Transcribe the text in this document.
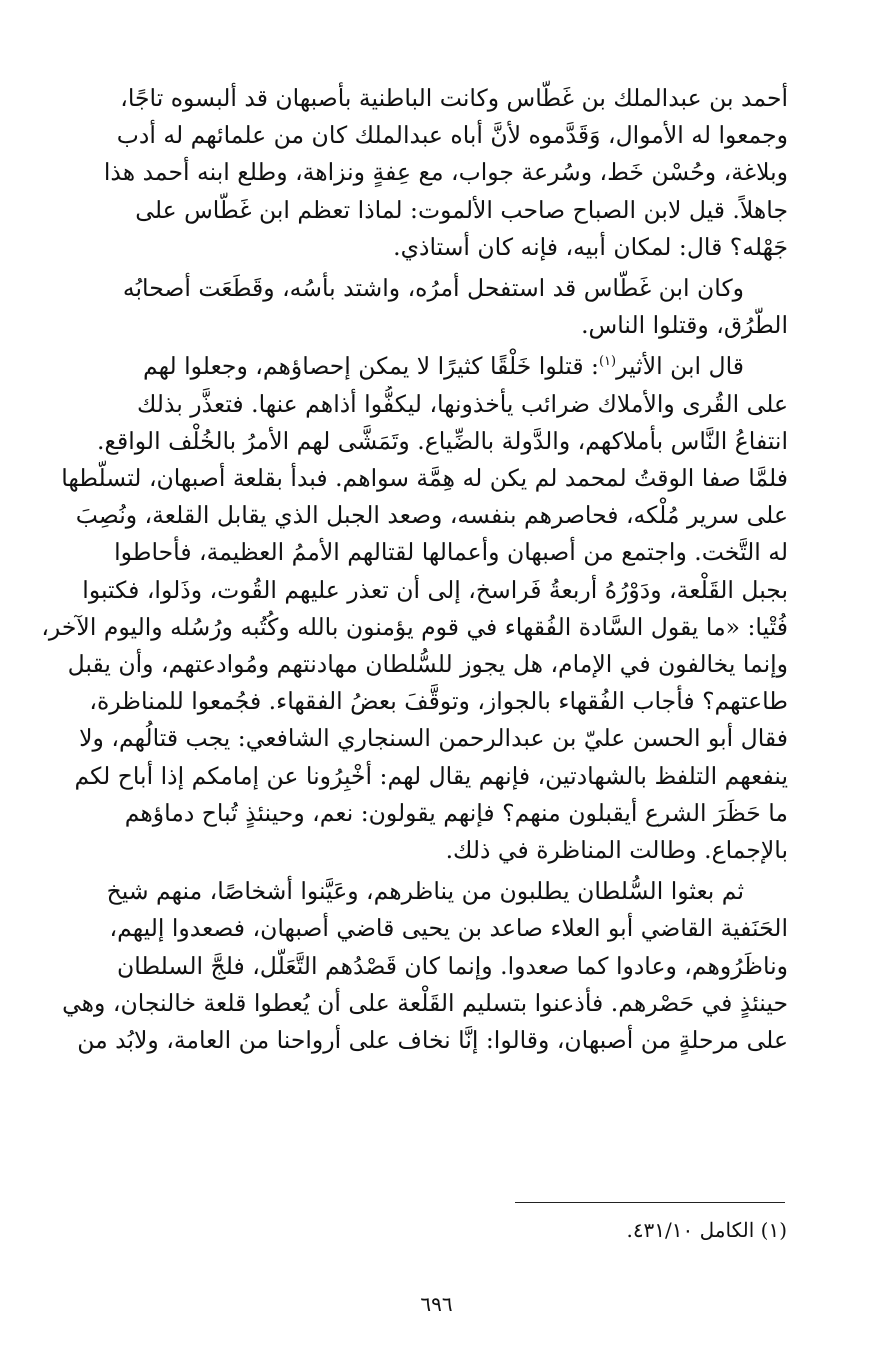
أحمد بن عبدالملك بن غَطَّاس وكانت الباطنية بأصبهان قد ألبسوه تاجًا،
وجمعوا له الأموال، وَقَدَّموه لأنَّ أباه عبدالملك كان من علمائهم له أدب
وبلاغة، وحُسْن خَط، وسُرعة جواب، مع عِفةٍ ونزاهة، وطلع ابنه أحمد هذا
جاهلاً. قيل لابن الصباح صاحب الألموت: لماذا تعظم ابن غَطَّاس على
جَهْله؟ قال: لمكان أبيه، فإنه كان أستاذي.
وكان ابن غَطَّاس قد استفحل أمرُه، واشتد بأسُه، وقَطَعَت أصحابُه
الطُّرُق، وقتلوا الناس.
قال ابن الأثير$^{(١)}$: قتلوا خَلْقًا كثيرًا لا يمكن إحصاؤهم، وجعلوا لهم
على القُرى والأملاك ضرائب يأخذونها، ليكفُّوا أذاهم عنها. فتعذَّر بذلك
انتفاعُ النَّاس بأملاكهم، والدَّولة بالضِّياع. وتَمَشَّى لهم الأمرُ بالخُلْف الواقع.
فلمَّا صفا الوقتُ لمحمد لم يكن له هِمَّة سواهم. فبدأ بقلعة أصبهان، لتسلُّطها
على سرير مُلْكه، فحاصرهم بنفسه، وصعد الجبل الذي يقابل القلعة، ونُصِبَ
له التَّخت. واجتمع من أصبهان وأعمالها لقتالهم الأممُ العظيمة، فأحاطوا
بجبل القَلْعة، ودَوْرُهُ أربعةُ فَراسخ، إلى أن تعذر عليهم القُوت، وذَلوا، فكتبوا
فُتْيا: «ما يقول السَّادة الفُقهاء في قوم يؤمنون بالله وكُتُبه ورُسُله واليوم الآخر،
وإنما يخالفون في الإمام، هل يجوز للسُّلطان مهادنتهم ومُوادعتهم، وأن يقبل
طاعتهم؟ فأجاب الفُقهاء بالجواز، وتوقَّفَ بعضُ الفقهاء. فجُمعوا للمناظرة،
فقال أبو الحسن عليّ بن عبدالرحمن السنجاري الشافعي: يجب قتالُهم، ولا
ينفعهم التلفظ بالشهادتين، فإنهم يقال لهم: أخْبِرُونا عن إمامكم إذا أباح لكم
ما حَظَرَ الشرع أيقبلون منهم؟ فإنهم يقولون: نعم، وحينئذٍ تُباح دماؤهم
بالإجماع. وطالت المناظرة في ذلك.
ثم بعثوا السُّلطان يطلبون من يناظرهم، وعَيَّنوا أشخاصًا، منهم شيخ
الحَنَفية القاضي أبو العلاء صاعد بن يحيى قاضي أصبهان، فصعدوا إليهم،
وناظَرُوهم، وعادوا كما صعدوا. وإنما كان قَصْدُهم التَّعَلُّل، فلجَّ السلطان
حينئذٍ في حَصْرهم. فأذعنوا بتسليم القَلْعة على أن يُعطوا قلعة خالنجان، وهي
على مرحلةٍ من أصبهان، وقالوا: إنَّا نخاف على أرواحنا من العامة، ولابُد من
(١) الكامل ٤٣١/١٠.
٦٩٦
